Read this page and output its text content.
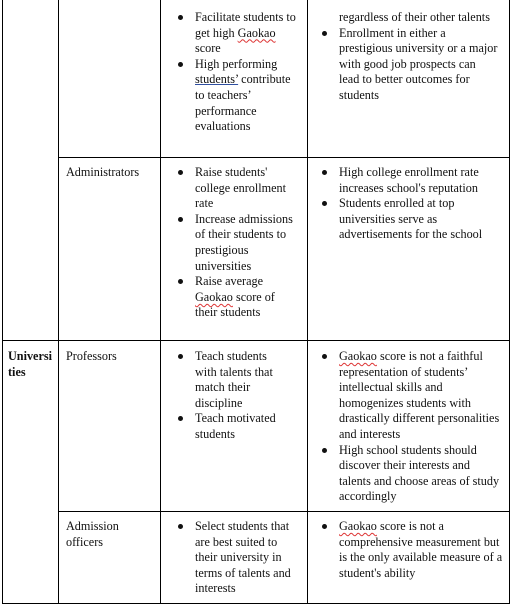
Facilitate students to get high Gaokao score
High performing students’ contribute to teachers’ performance evaluations
regardless of their other talents
Enrollment in either a prestigious university or a major with good job prospects can lead to better outcomes for students
Administrators	Raise students' college enrollment rate
Increase admissions of their students to prestigious universities
Raise average Gaokao score of their students
High college enrollment rate increases school's reputation
Students enrolled at top universities serve as advertisements for the school
Universities
Professors	Teach students with talents that match their discipline
Teach motivated students
Gaokao score is not a faithful representation of students’ intellectual skills and homogenizes students with drastically different personalities and interests
High school students should discover their interests and talents and choose areas of study accordingly
Admission officers
Select students that are best suited to their university in terms of talents and interests
Gaokao score is not a comprehensive measurement but is the only available measure of a student's ability
